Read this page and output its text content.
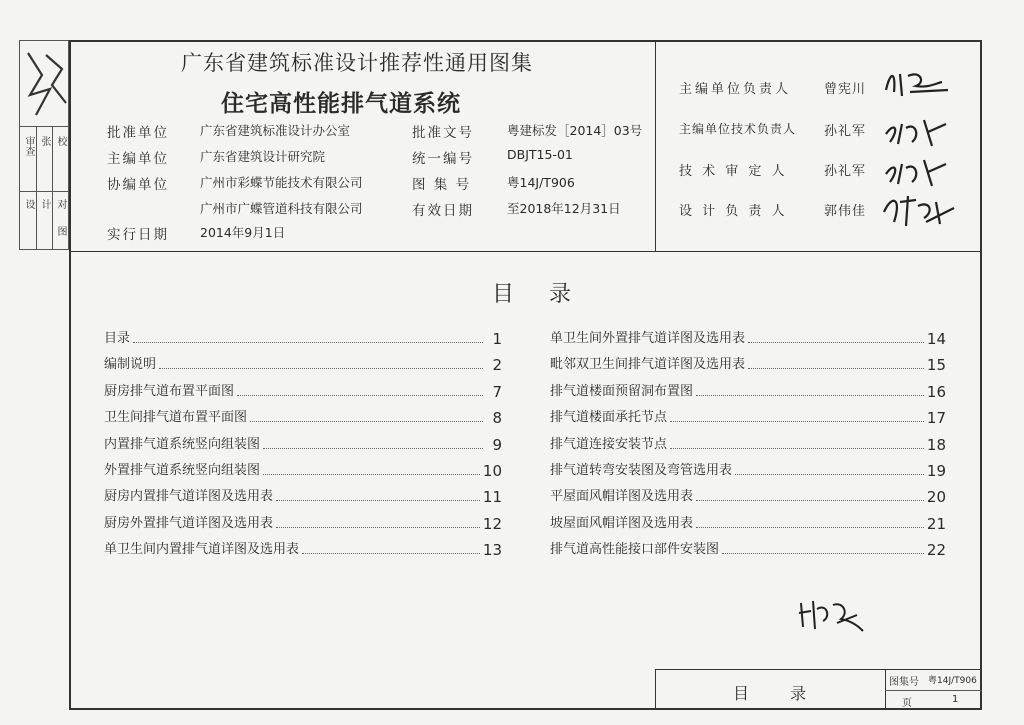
审查 张 校
设 计 对
图
广东省建筑标准设计推荐性通用图集
住宅高性能排气道系统
批准单位 广东省建筑标准设计办公室	批准文号	粤建标发［2014］03号
主编单位 广东省建筑设计研究院	统一编号	DBJT15-01
协编单位 广州市彩蝶节能技术有限公司	图 集 号	粤14J/T906
广州市广蝶管道科技有限公司	有效日期	至2018年12月31日
实行日期 2014年9月1日
主编单位负责人	曾宪川
主编单位技术负责人 孙礼军
技 术 审 定 人	孙礼军
设 计 负 责 人	郭伟佳
目 录
目录	1
编制说明	2
厨房排气道布置平面图	7
卫生间排气道布置平面图	8
内置排气道系统竖向组装图	9
外置排气道系统竖向组装图	10
厨房内置排气道详图及选用表	11
厨房外置排气道详图及选用表	12
单卫生间内置排气道详图及选用表	13
单卫生间外置排气道详图及选用表	14
毗邻双卫生间排气道详图及选用表	15
排气道楼面预留洞布置图	16
排气道楼面承托节点	17
排气道连接安装节点	18
排气道转弯安装图及弯管选用表	19
平屋面风帽详图及选用表	20
坡屋面风帽详图及选用表	21
排气道高性能接口部件安装图	22
目 录
图集号 粤14J/T906
页	1
